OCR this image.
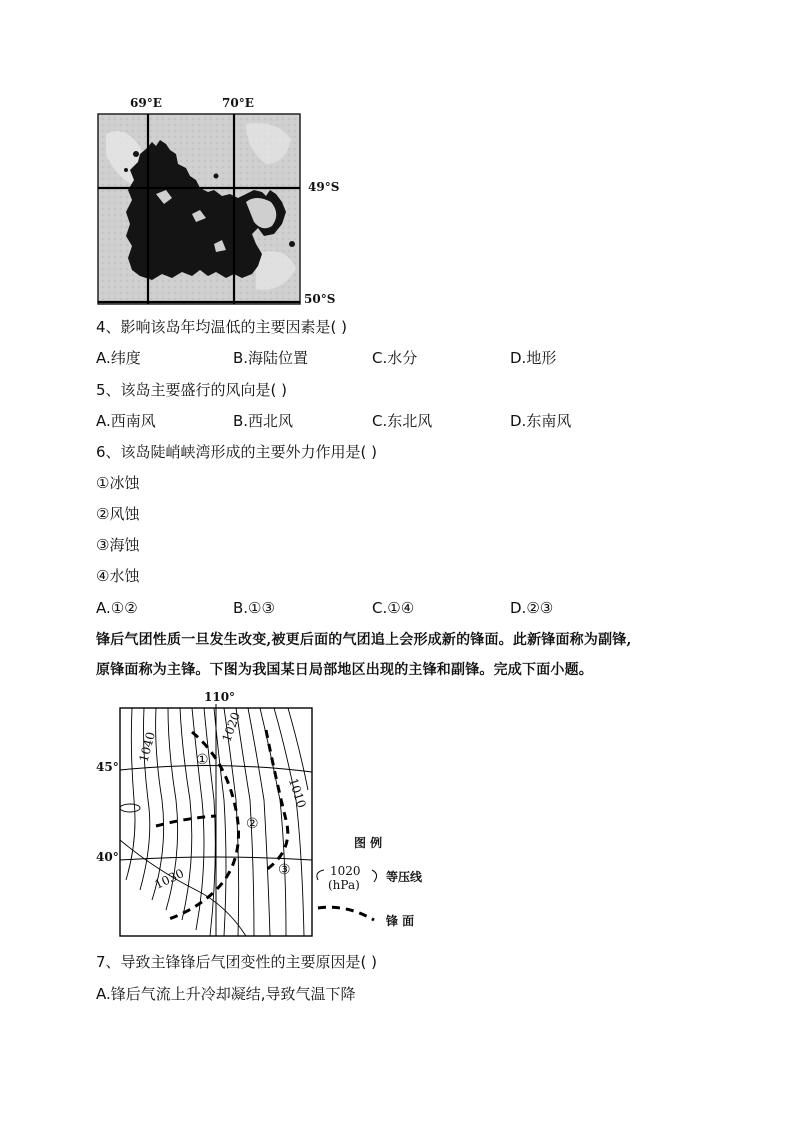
69°E	70°E
49°S
50°S
4、影响该岛年均温低的主要因素是( )
A.纬度	B.海陆位置	C.水分	D.地形
5、该岛主要盛行的风向是( )
A.西南风	B.西北风	C.东北风	D.东南风
6、该岛陡峭峡湾形成的主要外力作用是( )
①冰蚀
②风蚀
③海蚀
④水蚀
A.①②	B.①③	C.①④	D.②③
锋后气团性质一旦发生改变,被更后面的气团追上会形成新的锋面。此新锋面称为副锋,
原锋面称为主锋。下图为我国某日局部地区出现的主锋和副锋。完成下面小题。
110°
45°
40°
1040
1020
1010
1030
①
②
③
图 例
1020
(hPa)
等压线
锋 面
7、导致主锋锋后气团变性的主要原因是( )
A.锋后气流上升冷却凝结,导致气温下降
